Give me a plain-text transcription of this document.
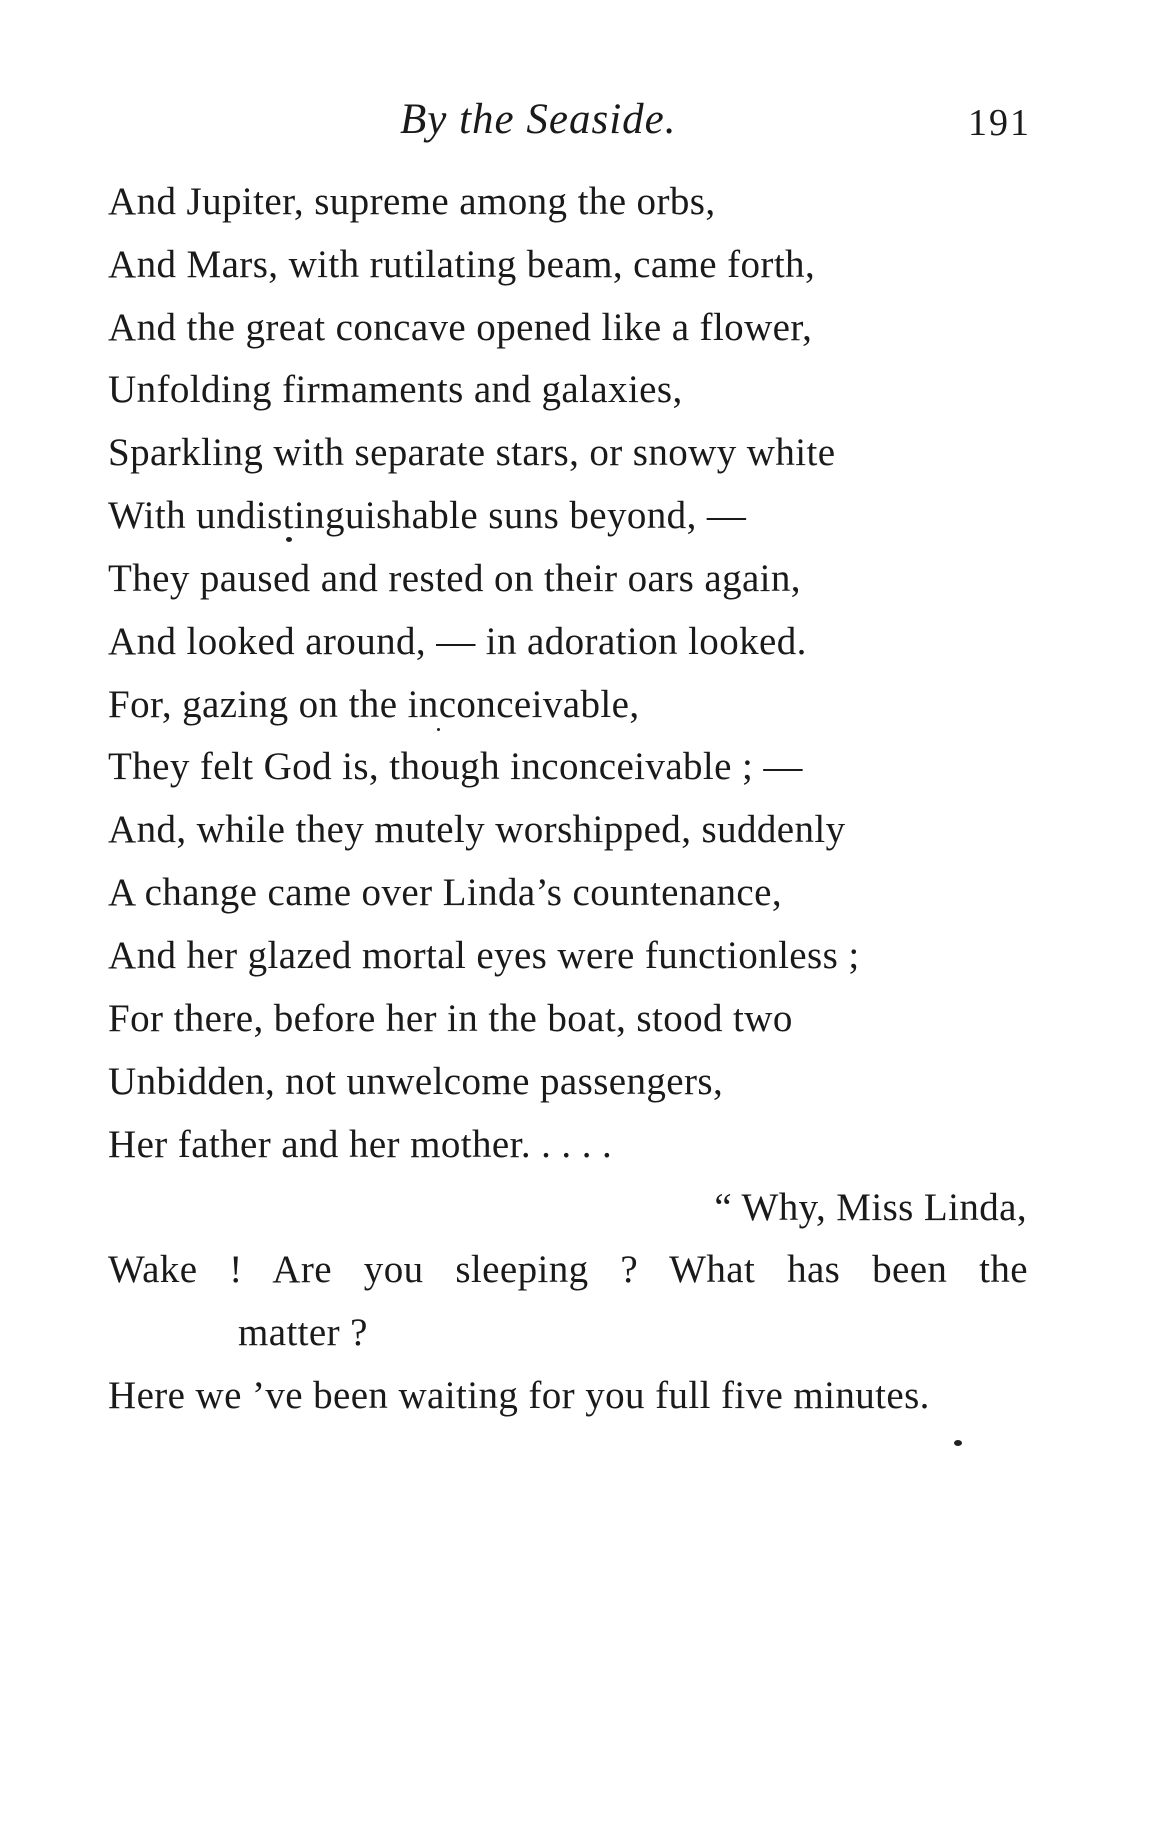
By the Seaside.	191
And Jupiter, supreme among the orbs,
And Mars, with rutilating beam, came forth,
And the great concave opened like a flower,
Unfolding firmaments and galaxies,
Sparkling with separate stars, or snowy white
With undistinguishable suns beyond, —
They paused and rested on their oars again,
And looked around, — in adoration looked.
For, gazing on the inconceivable,
They felt God is, though inconceivable ; —
And, while they mutely worshipped, suddenly
A change came over Linda’s countenance,
And her glazed mortal eyes were functionless ;
For there, before her in the boat, stood two
Unbidden, not unwelcome passengers,
Her father and her mother. . . . .
“ Why, Miss Linda,
Wake ! Are you sleeping ? What has been the
matter ?
Here we ’ve been waiting for you full five minutes.
